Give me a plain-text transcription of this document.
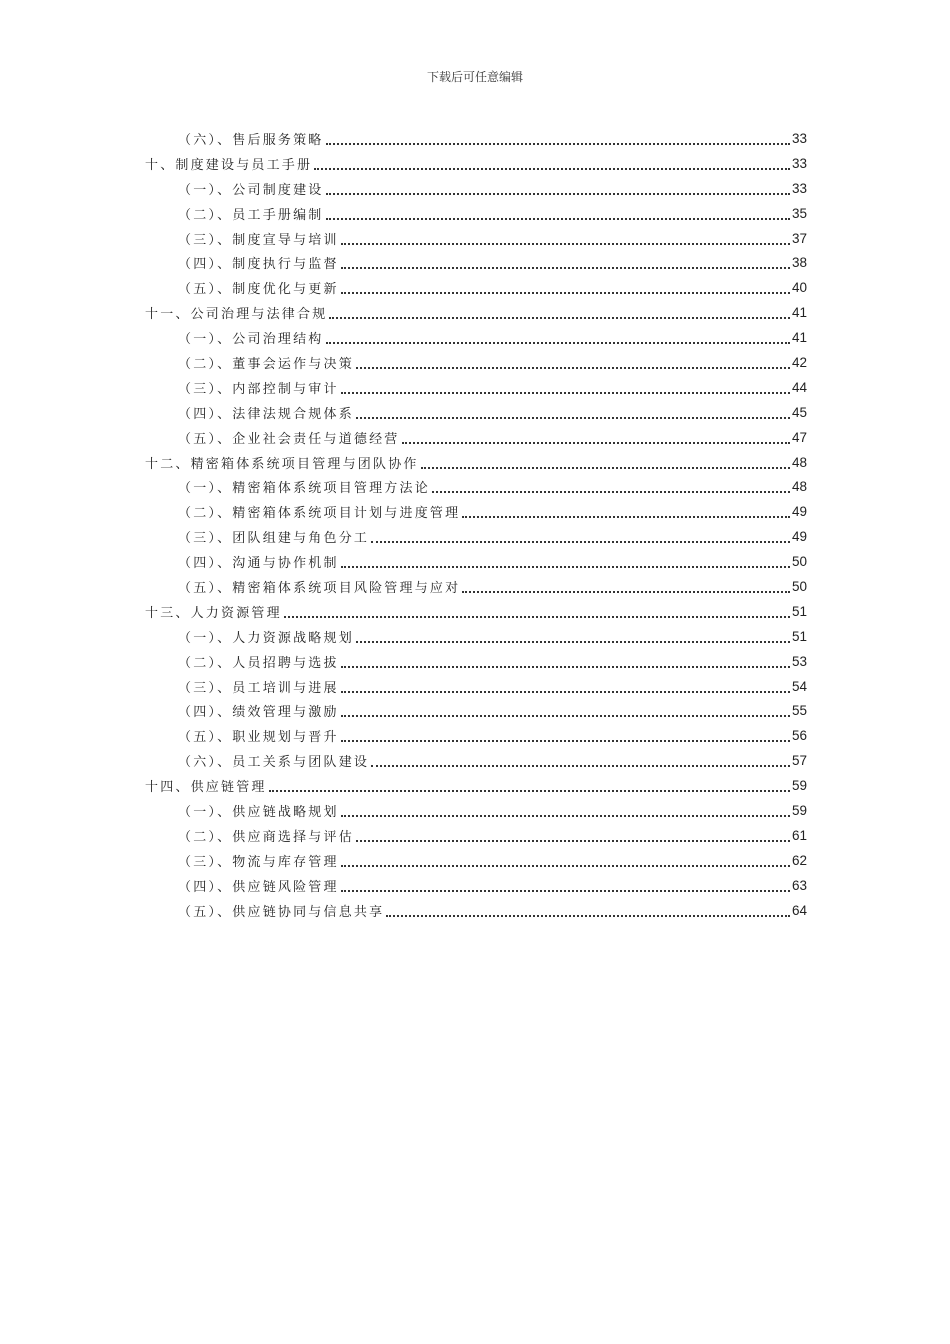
下载后可任意编辑
（六）、售后服务策略	33
十、制度建设与员工手册	33
（一）、公司制度建设	33
（二）、员工手册编制	35
（三）、制度宣导与培训	37
（四）、制度执行与监督	38
（五）、制度优化与更新	40
十一、公司治理与法律合规	41
（一）、公司治理结构	41
（二）、董事会运作与决策	42
（三）、内部控制与审计	44
（四）、法律法规合规体系	45
（五）、企业社会责任与道德经营	47
十二、精密箱体系统项目管理与团队协作	48
（一）、精密箱体系统项目管理方法论	48
（二）、精密箱体系统项目计划与进度管理	49
（三）、团队组建与角色分工	49
（四）、沟通与协作机制	50
（五）、精密箱体系统项目风险管理与应对	50
十三、人力资源管理	51
（一）、人力资源战略规划	51
（二）、人员招聘与选拔	53
（三）、员工培训与进展	54
（四）、绩效管理与激励	55
（五）、职业规划与晋升	56
（六）、员工关系与团队建设	57
十四、供应链管理	59
（一）、供应链战略规划	59
（二）、供应商选择与评估	61
（三）、物流与库存管理	62
（四）、供应链风险管理	63
（五）、供应链协同与信息共享	64
